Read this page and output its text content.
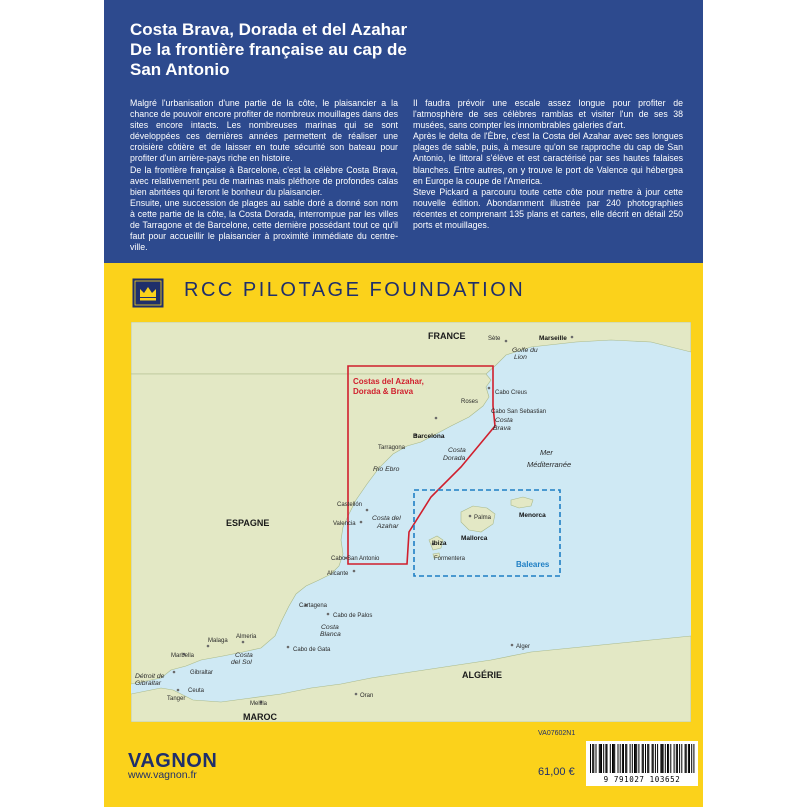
Costa Brava, Dorada et del Azahar
De la frontière française au cap de
San Antonio

Malgré l'urbanisation d'une partie de la côte, le plaisancier a la chance de pouvoir encore profiter de nombreux mouillages dans des sites encore intacts. Les nombreuses marinas qui se sont développées ces dernières années permettent de réaliser une croisière côtière et de laisser en toute sécurité son bateau pour profiter d'un arrière-pays riche en histoire.

De la frontière française à Barcelone, c'est la célèbre Costa Brava, avec relativement peu de marinas mais pléthore de profondes calas bien abritées qui feront le bonheur du plaisancier.

Ensuite, une succession de plages au sable doré a donné son nom à cette partie de la côte, la Costa Dorada, interrompue par les villes de Tarragone et de Barcelone, cette dernière possédant tout ce qu'il faut pour accueillir le plaisancier à proximité immédiate du centre-ville.

Il faudra prévoir une escale assez longue pour profiter de l'atmosphère de ses célèbres ramblas et visiter l'un de ses 38 musées, sans compter les innombrables galeries d'art.

Après le delta de l'Èbre, c'est la Costa del Azahar avec ses longues plages de sable, puis, à mesure qu'on se rapproche du cap de San Antonio, le littoral s'élève et est caractérisé par ses hautes falaises blanches. Entre autres, on y trouve le port de Valence qui hébergea en Europe la coupe de l'America.

Steve Pickard a parcouru toute cette côte pour mettre à jour cette nouvelle édition. Abondamment illustrée par 240 photographies récentes et comprenant 135 plans et cartes, elle décrit en détail 250 ports et mouillages.

RCC PILOTAGE FOUNDATION
FRANCE
ESPAGNE
ALGÉRIE
MAROC
Sète	Marseille
Golfe du
Lion
Cabo Creus
Roses
Cabo San Sebastian
Costa
Brava
Barcelona
Tarragona	Costa
Dorada
Rio Ebro
Mer
Méditerranée
Costas del Azahar,
Dorada & Brava
Castellón
Costa del
Azahar
Valencia
Cabo San Antonio
Alicante
Cartagena
Cabo de Palos
Costa
Blanca
Almeria
Cabo de Gata
Malaga
Marbella	Costa
del Sol
Gibraltar
Détroit de
Gibraltar
Ceuta
Tanger
Melilla
Oran
Alger
Palma	Menorca
Mallorca
Ibiza
Formentera
Baleares
VAGNON
www.vagnon.fr
VA07602N1
61,00 €
9 791027 103652
